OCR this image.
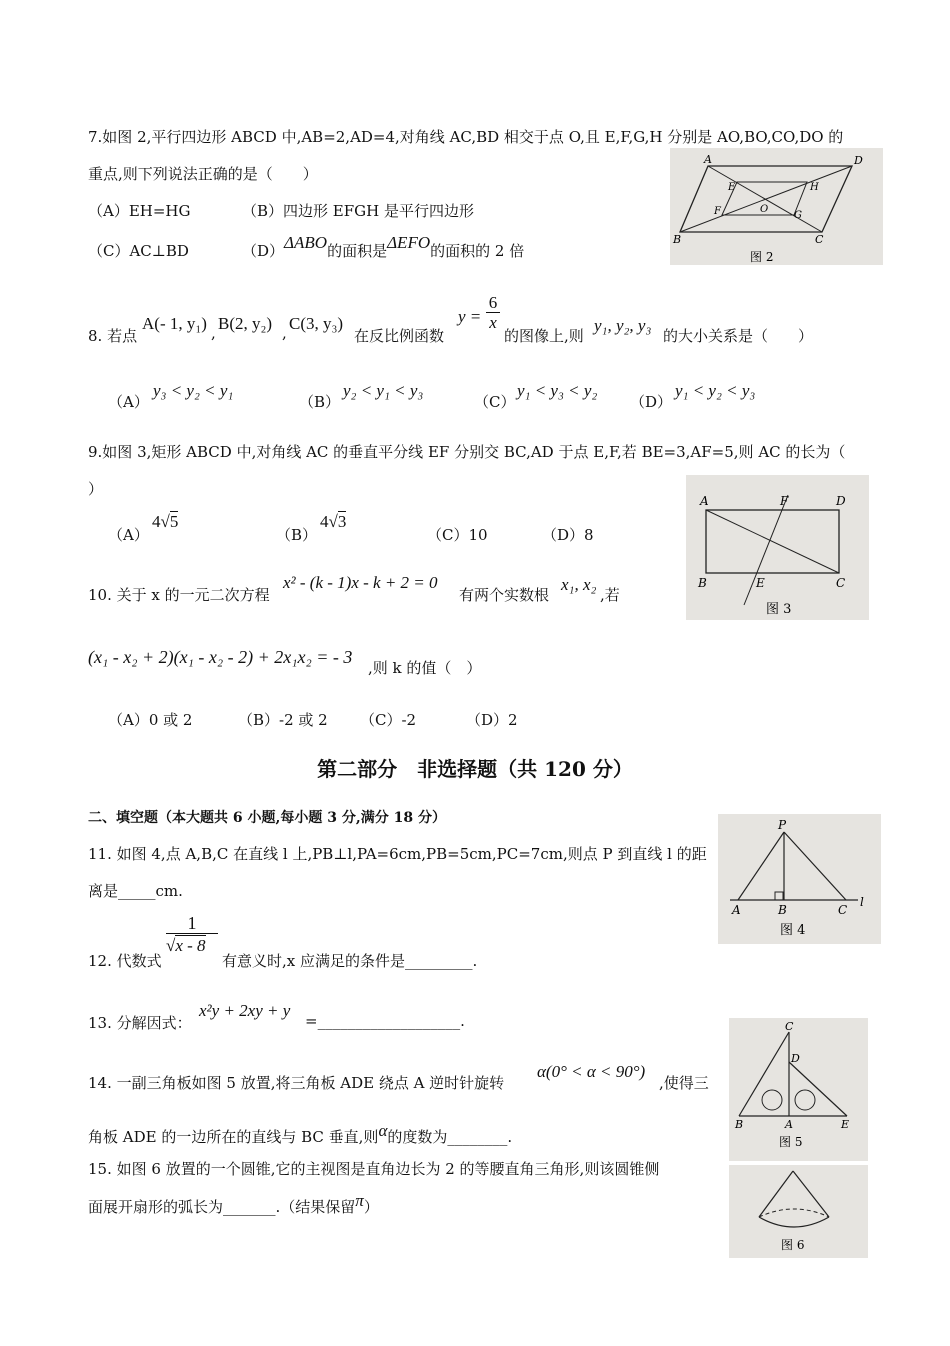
7.如图 2,平行四边形 ABCD 中,AB=2,AD=4,对角线 AC,BD 相交于点 O,且 E,F,G,H 分别是 AO,BO,CO,DO 的
重点,则下列说法正确的是（　　）
（A）EH=HG	（B）四边形 EFGH 是平行四边形
（C）AC⊥BD	（D）ΔABO的面积是ΔEFO的面积的 2 倍
A	D
E	H
F	O
G
B	C
图 2
8. 若点
A(- 1, y₁) , B(2, y₂) , C(3, y₃)
在反比例函数
$y = \frac{6}{x}$
的图像上,则
y₁, y₂, y₃
的大小关系是（　　）
（A）
y₃ < y₂ < y₁
（B）
y₂ < y₁ < y₃
（C）
y₁ < y₃ < y₂
（D）
y₁ < y₂ < y₃
9.如图 3,矩形 ABCD 中,对角线 AC 的垂直平分线 EF 分别交 BC,AD 于点 E,F,若 BE=3,AF=5,则 AC 的长为（
）
（A）
4√5
（B）
4√3
（C）10	（D）8
A	F	D
B	E	C
图 3
10. 关于 x 的一元二次方程
x² - (k - 1)x - k + 2 = 0
有两个实数根
x₁, x₂
,若
(x₁ - x₂ + 2)(x₁ - x₂ - 2) + 2x₁x₂ = - 3
,则 k 的值（　）
（A）0 或 2	（B）-2 或 2 （C）-2	（D）2
第二部分　非选择题（共 120 分）
二、填空题（本大题共 6 小题,每小题 3 分,满分 18 分）
11. 如图 4,点 A,B,C 在直线 l 上,PB⊥l,PA=6cm,PB=5cm,PC=7cm,则点 P 到直线 l 的距
离是_____cm.
P
A	B	C
l
图 4
12. 代数式
$\frac{1}{√x - 8}$
有意义时,x 应满足的条件是_________.
13. 分解因式：
x²y + 2xy + y
=___________________.
14. 一副三角板如图 5 放置,将三角板 ADE 绕点 A 逆时针旋转
α(0° < α < 90°)
,使得三
角板 ADE 的一边所在的直线与 BC 垂直,则α的度数为________.
C
D
B	A	E
图 5
15. 如图 6 放置的一个圆锥,它的主视图是直角边长为 2 的等腰直角三角形,则该圆锥侧
面展开扇形的弧长为_______.（结果保留π）
图 6
